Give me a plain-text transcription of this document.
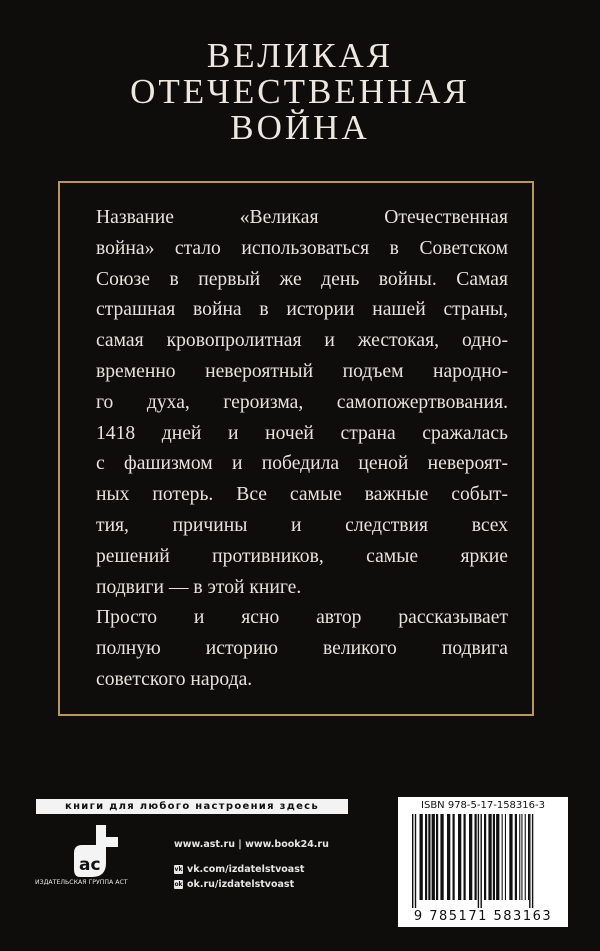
ВЕЛИКАЯ
ОТЕЧЕСТВЕННАЯ
ВОЙНА

Название «Великая Отечественная
война» стало использоваться в Советском
Союзе в первый же день войны. Самая
страшная война в истории нашей страны,
самая кровопролитная и жестокая, одно-
временно невероятный подъем народно-
го духа, героизма, самопожертвования.
1418 дней и ночей страна сражалась
с фашизмом и победила ценой невероят-
ных потерь. Все самые важные событ-
тия, причины и следствия всех
решений противников, самые яркие
подвиги — в этой книге.

Просто и ясно автор рассказывает
полную историю великого подвига
советского народа.

книги для любого настроения здесь
ac
ИЗДАТЕЛЬСКАЯ ГРУППА АСТ
www.ast.ru | www.book24.ru
vk vk.com/izdatelstvoast
ok ok.ru/izdatelstvoast
ISBN 978-5-17-158316-3
9 785171 583163
